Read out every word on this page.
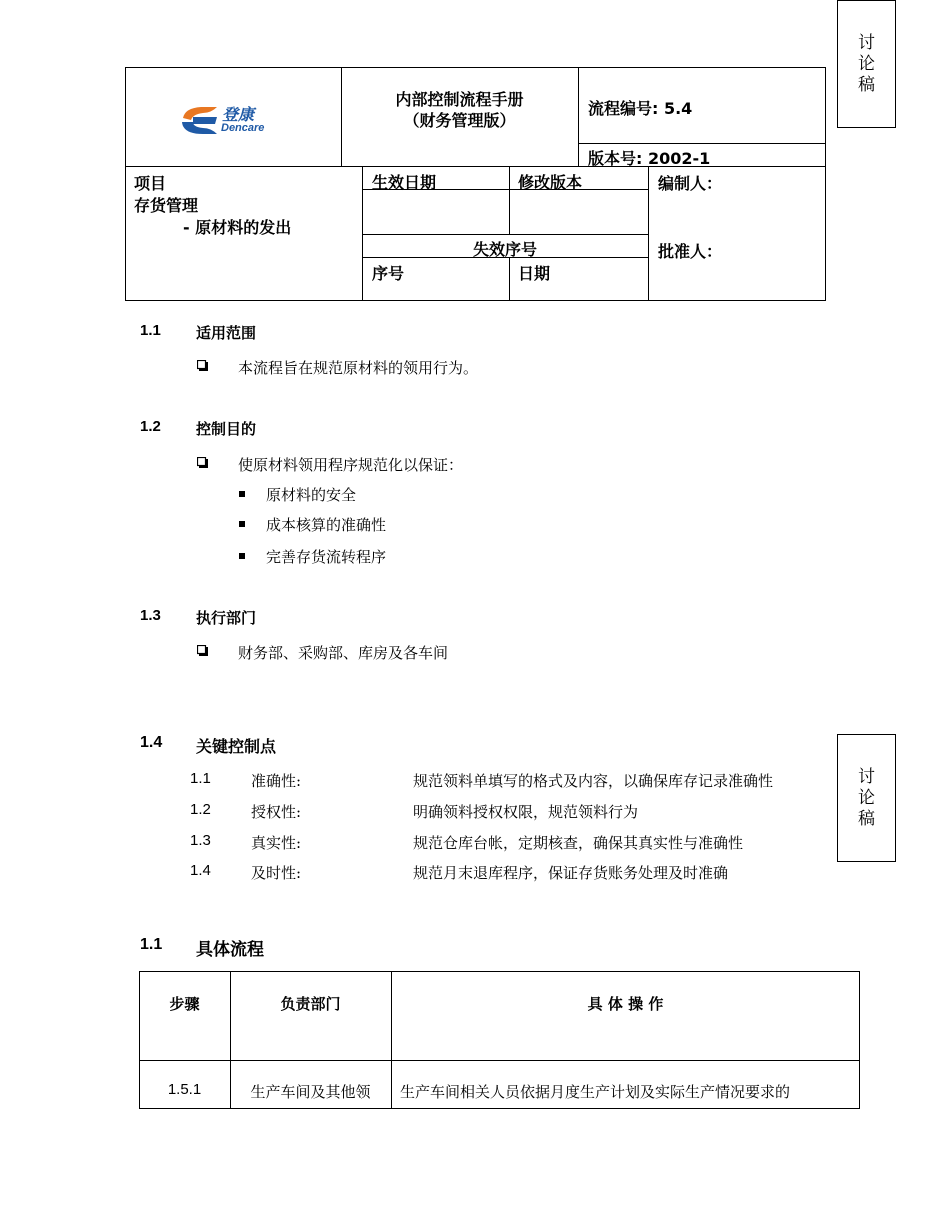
讨
论
稿
登康
Dencare
内部控制流程手册
（财务管理版）
流程编号: 5.4
版本号: 2002-1
项目
存货管理
- 原材料的发出
生效日期	修改版本
失效序号
序号	日期
编制人：
批准人：
1.1 适用范围
本流程旨在规范原材料的领用行为。
1.2 控制目的
使原材料领用程序规范化以保证：
原材料的安全
成本核算的准确性
完善存货流转程序
1.3 执行部门
财务部、采购部、库房及各车间
讨
论
稿
1.4 关键控制点
1.1	准确性:	规范领料单填写的格式及内容，以确保库存记录准确性
1.2	授权性:	明确领料授权权限，规范领料行为
1.3	真实性:	规范仓库台帐，定期核查，确保其真实性与准确性
1.4	及时性:	规范月末退库程序，保证存货账务处理及时准确
1.1 具体流程
步骤	负责部门	具 体 操 作
1.5.1	生产车间及其他领	生产车间相关人员依据月度生产计划及实际生产情况要求的
